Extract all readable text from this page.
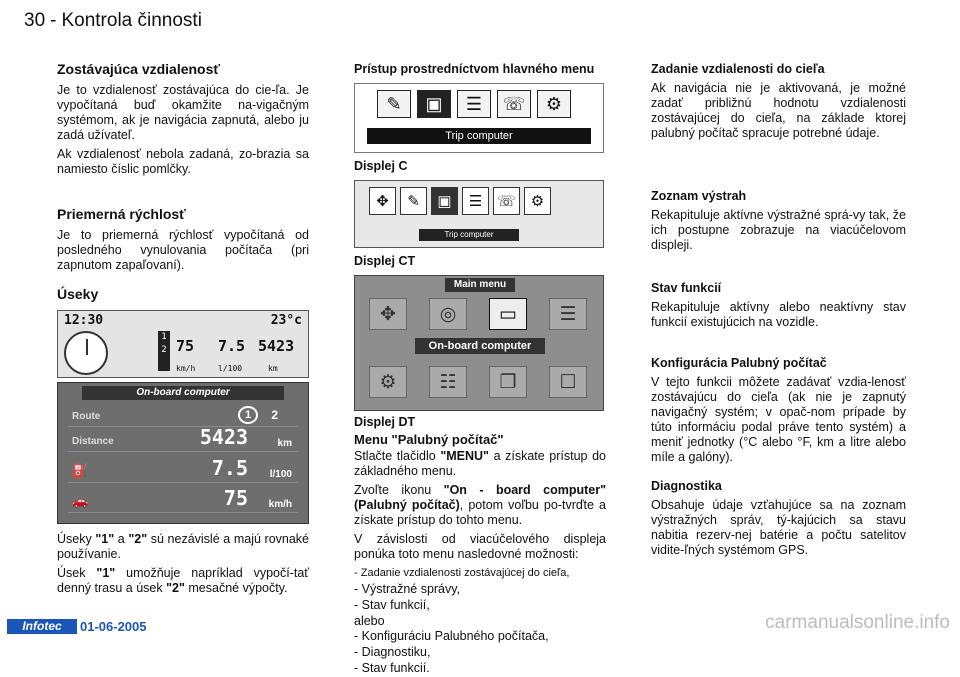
30 - Kontrola činnosti
Zostávajúca vzdialenosť

Je to vzdialenosť zostávajúca do cie-ľa. Je vypočítaná buď okamžite na-vigačným systémom, ak je navigácia zapnutá, alebo ju zadá užívateľ.

Ak vzdialenosť nebola zadaná, zo-brazia sa namiesto číslic pomlčky.

Priemerná rýchlosť

Je to priemerná rýchlosť vypočítaná od posledného vynulovania počítača (pri zapnutom zapaľovaní).

Úseky
12:30	23°c
1
2 75
km/h
7.5
l/100
5423
km
On-board computer
Route	1	2
Distance	5423	km
⛽	7.5 l/100
🚗	75 km/h

Úseky "1" a "2" sú nezávislé a majú rovnaké používanie.

Úsek "1" umožňuje napríklad vypočí-tať denný trasu a úsek "2" mesačné výpočty.

Prístup prostredníctvom hlavného menu
✎	▣	☰	☏	⚙
Trip computer
Displej C
✥	✎	▣	☰ ☏ ⚙
Trip computer
Displej CT
Main menu
✥	◎	▭	☰
On-board computer
⚙	☷	❐	☐
Displej DT
Menu "Palubný počítač"

Stlačte tlačidlo "MENU" a získate prístup do základného menu.

Zvoľte ikonu "On - board computer" (Palubný počítač), potom voľbu po-tvrďte a získate prístup do tohto menu.

V závislosti od viacúčelového displeja ponúka toto menu nasledovné možnosti:

- Zadanie vzdialenosti zostávajúcej do cieľa,
- Výstražné správy,
- Stav funkcií,
alebo
- Konfiguráciu Palubného počítača,
- Diagnostiku,
- Stav funkcií.
Zadanie vzdialenosti do cieľa

Ak navigácia nie je aktivovaná, je možné zadať približnú hodnotu vzdialenosti zostávajúcej do cieľa, na základe ktorej palubný počítač spracuje potrebné údaje.

Zoznam výstrah

Rekapituluje aktívne výstražné sprá-vy tak, že ich postupne zobrazuje na viacúčelovom displeji.

Stav funkcií

Rekapituluje aktívny alebo neaktívny stav funkcií existujúcich na vozidle.

Konfigurácia Palubný počítač

V tejto funkcii môžete zadávať vzdia-lenosť zostávajúcu do cieľa (ak nie je zapnutý navigačný systém; v opač-nom prípade by túto informáciu podal práve tento systém) a meniť jednotky (°C alebo °F, km a litre alebo míle a galóny).

Diagnostika

Obsahuje údaje vzťahujúce sa na zoznam výstražných správ, tý-kajúcich sa stavu nabitia rezerv-nej batérie a počtu satelitov vidite-ľných systémom GPS.

Infotec	01-06-2005	carmanualsonline.info
